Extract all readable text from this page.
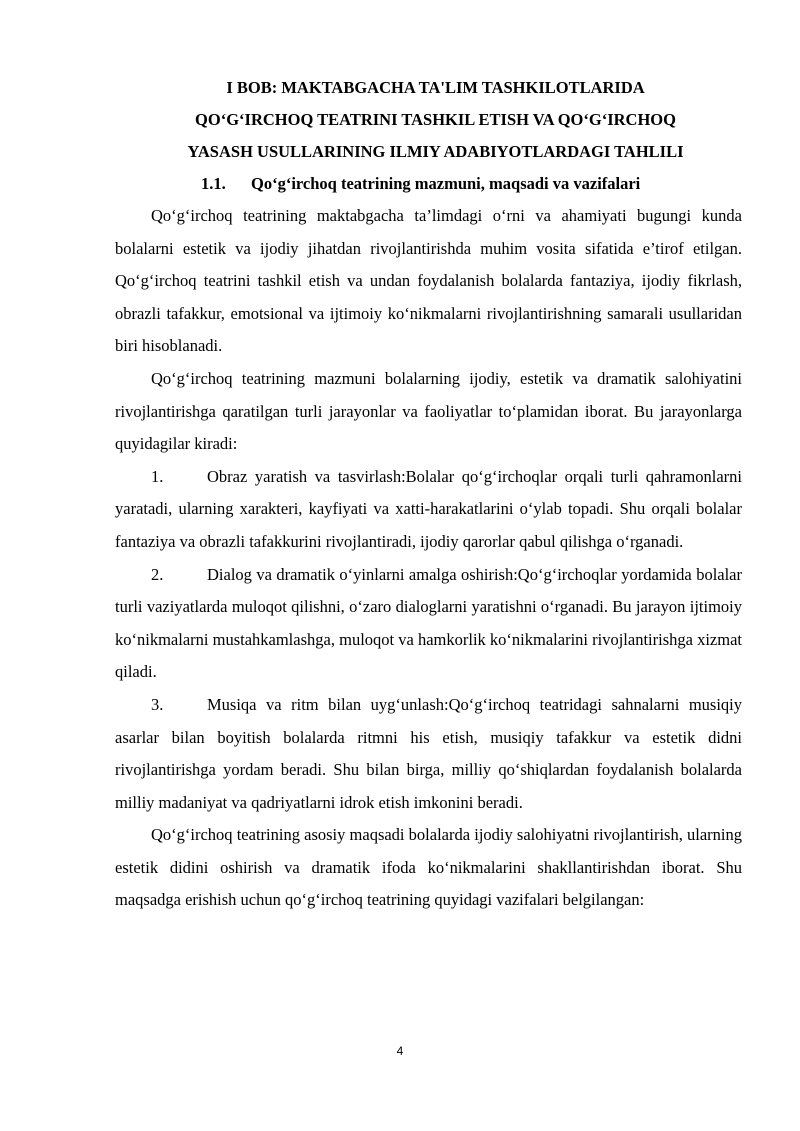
I BOB: MAKTABGACHA TA'LIM TASHKILOTLARIDA
QO‘G‘IRCHOQ TEATRINI TASHKIL ETISH VA QO‘G‘IRCHOQ
YASASH USULLARINING ILMIY ADABIYOTLARDAGI TAHLILI
1.1. Qo‘g‘irchoq teatrining mazmuni, maqsadi va vazifalari

Qo‘g‘irchoq teatrining maktabgacha ta’limdagi o‘rni va ahamiyati bugungi kunda bolalarni estetik va ijodiy jihatdan rivojlantirishda muhim vosita sifatida e’tirof etilgan. Qo‘g‘irchoq teatrini tashkil etish va undan foydalanish bolalarda fantaziya, ijodiy fikrlash, obrazli tafakkur, emotsional va ijtimoiy ko‘nikmalarni rivojlantirishning samarali usullaridan biri hisoblanadi.

Qo‘g‘irchoq teatrining mazmuni bolalarning ijodiy, estetik va dramatik salohiyatini rivojlantirishga qaratilgan turli jarayonlar va faoliyatlar to‘plamidan iborat. Bu jarayonlarga quyidagilar kiradi:

1.	Obraz yaratish va tasvirlash:Bolalar qo‘g‘irchoqlar orqali turli qahramonlarni yaratadi, ularning xarakteri, kayfiyati va xatti-harakatlarini o‘ylab topadi. Shu orqali bolalar fantaziya va obrazli tafakkurini rivojlantiradi, ijodiy qarorlar qabul qilishga o‘rganadi.

2.	Dialog va dramatik o‘yinlarni amalga oshirish:Qo‘g‘irchoqlar yordamida bolalar turli vaziyatlarda muloqot qilishni, o‘zaro dialoglarni yaratishni o‘rganadi. Bu jarayon ijtimoiy ko‘nikmalarni mustahkamlashga, muloqot va hamkorlik ko‘nikmalarini rivojlantirishga xizmat qiladi.

3.	Musiqa va ritm bilan uyg‘unlash:Qo‘g‘irchoq teatridagi sahnalarni musiqiy asarlar bilan boyitish bolalarda ritmni his etish, musiqiy tafakkur va estetik didni rivojlantirishga yordam beradi. Shu bilan birga, milliy qo‘shiqlardan foydalanish bolalarda milliy madaniyat va qadriyatlarni idrok etish imkonini beradi.

Qo‘g‘irchoq teatrining asosiy maqsadi bolalarda ijodiy salohiyatni rivojlantirish, ularning estetik didini oshirish va dramatik ifoda ko‘nikmalarini shakllantirishdan iborat. Shu maqsadga erishish uchun qo‘g‘irchoq teatrining quyidagi vazifalari belgilangan:

4
